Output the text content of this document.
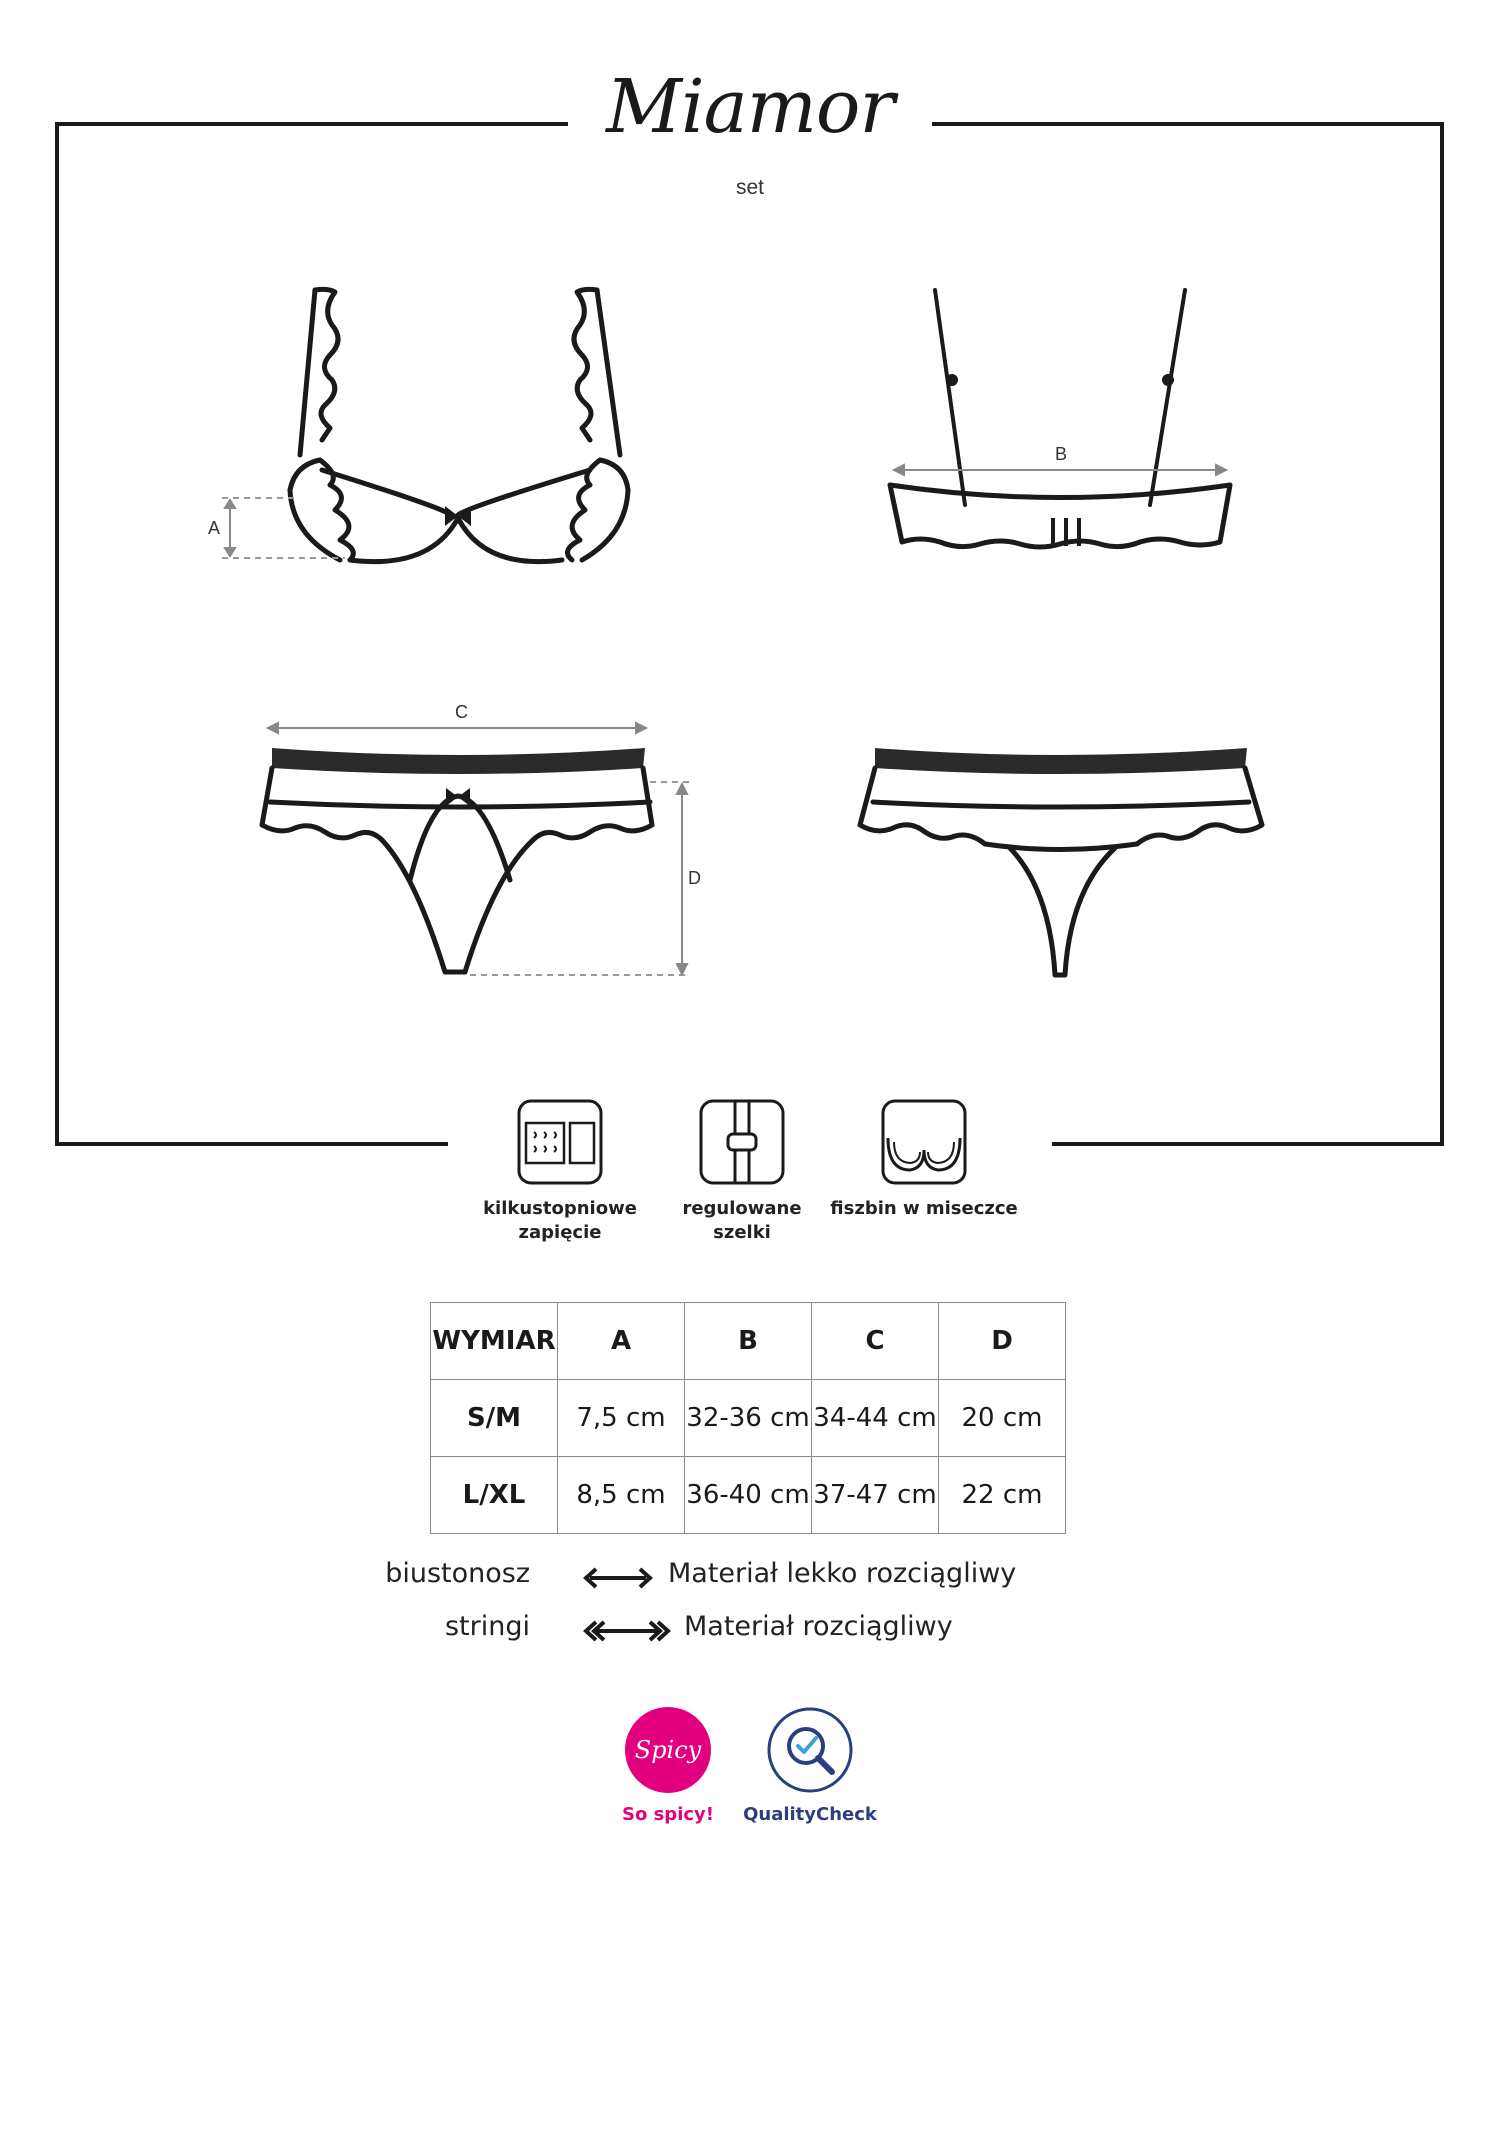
Miamor
set
A
B
C
D
kilkustopniowe
zapięcie
regulowane
szelki
fiszbin w miseczce
WYMIAR	A	B	C	D
S/M	7,5 cm	32-36 cm	34-44 cm	20 cm
L/XL	8,5 cm	36-40 cm	37-47 cm	22 cm
biustonosz	Materiał lekko rozciągliwy
stringi	Materiał rozciągliwy
Spicy
So spicy!	QualityCheck
